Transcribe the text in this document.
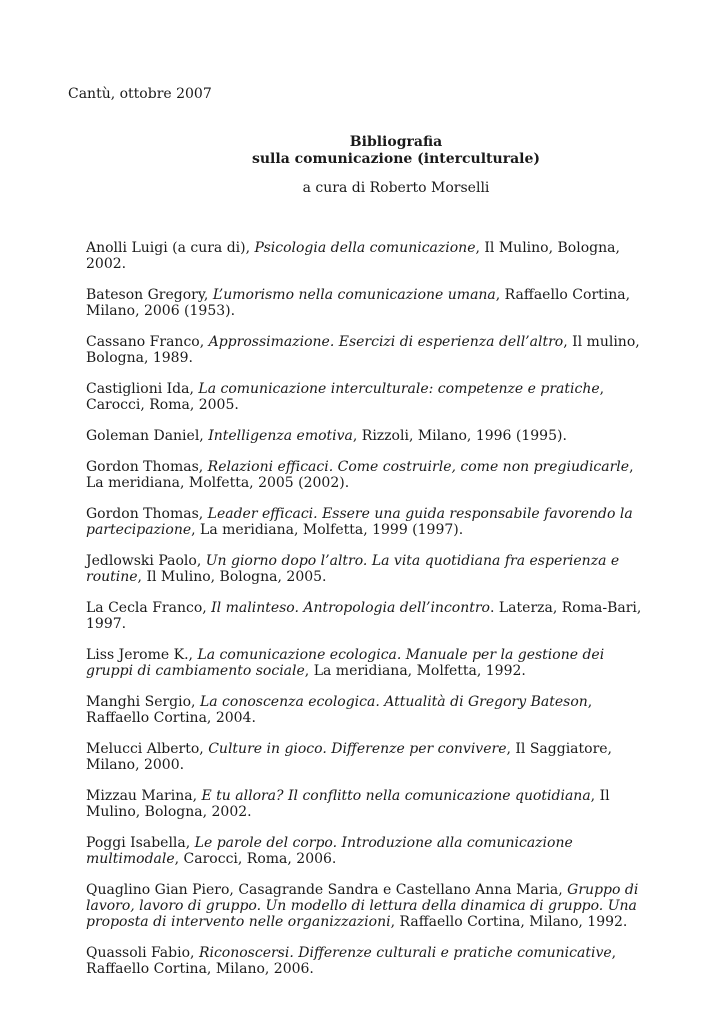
Cantù, ottobre 2007
Bibliografia
sulla comunicazione (interculturale)
a cura di Roberto Morselli

Anolli Luigi (a cura di), Psicologia della comunicazione, Il Mulino, Bologna, 2002.

Bateson Gregory, L’umorismo nella comunicazione umana, Raffaello Cortina, Milano, 2006 (1953).

Cassano Franco, Approssimazione. Esercizi di esperienza dell’altro, Il mulino, Bologna, 1989.

Castiglioni Ida, La comunicazione interculturale: competenze e pratiche, Carocci, Roma, 2005.

Goleman Daniel, Intelligenza emotiva, Rizzoli, Milano, 1996 (1995).

Gordon Thomas, Relazioni efficaci. Come costruirle, come non pregiudicarle, La meridiana, Molfetta, 2005 (2002).

Gordon Thomas, Leader efficaci. Essere una guida responsabile favorendo la partecipazione, La meridiana, Molfetta, 1999 (1997).

Jedlowski Paolo, Un giorno dopo l’altro. La vita quotidiana fra esperienza e routine, Il Mulino, Bologna, 2005.

La Cecla Franco, Il malinteso. Antropologia dell’incontro. Laterza, Roma-Bari, 1997.

Liss Jerome K., La comunicazione ecologica. Manuale per la gestione dei gruppi di cambiamento sociale, La meridiana, Molfetta, 1992.

Manghi Sergio, La conoscenza ecologica. Attualità di Gregory Bateson, Raffaello Cortina, 2004.

Melucci Alberto, Culture in gioco. Differenze per convivere, Il Saggiatore, Milano, 2000.

Mizzau Marina, E tu allora? Il conflitto nella comunicazione quotidiana, Il Mulino, Bologna, 2002.

Poggi Isabella, Le parole del corpo. Introduzione alla comunicazione multimodale, Carocci, Roma, 2006.

Quaglino Gian Piero, Casagrande Sandra e Castellano Anna Maria, Gruppo di lavoro, lavoro di gruppo. Un modello di lettura della dinamica di gruppo. Una proposta di intervento nelle organizzazioni, Raffaello Cortina, Milano, 1992.

Quassoli Fabio, Riconoscersi. Differenze culturali e pratiche comunicative, Raffaello Cortina, Milano, 2006.
